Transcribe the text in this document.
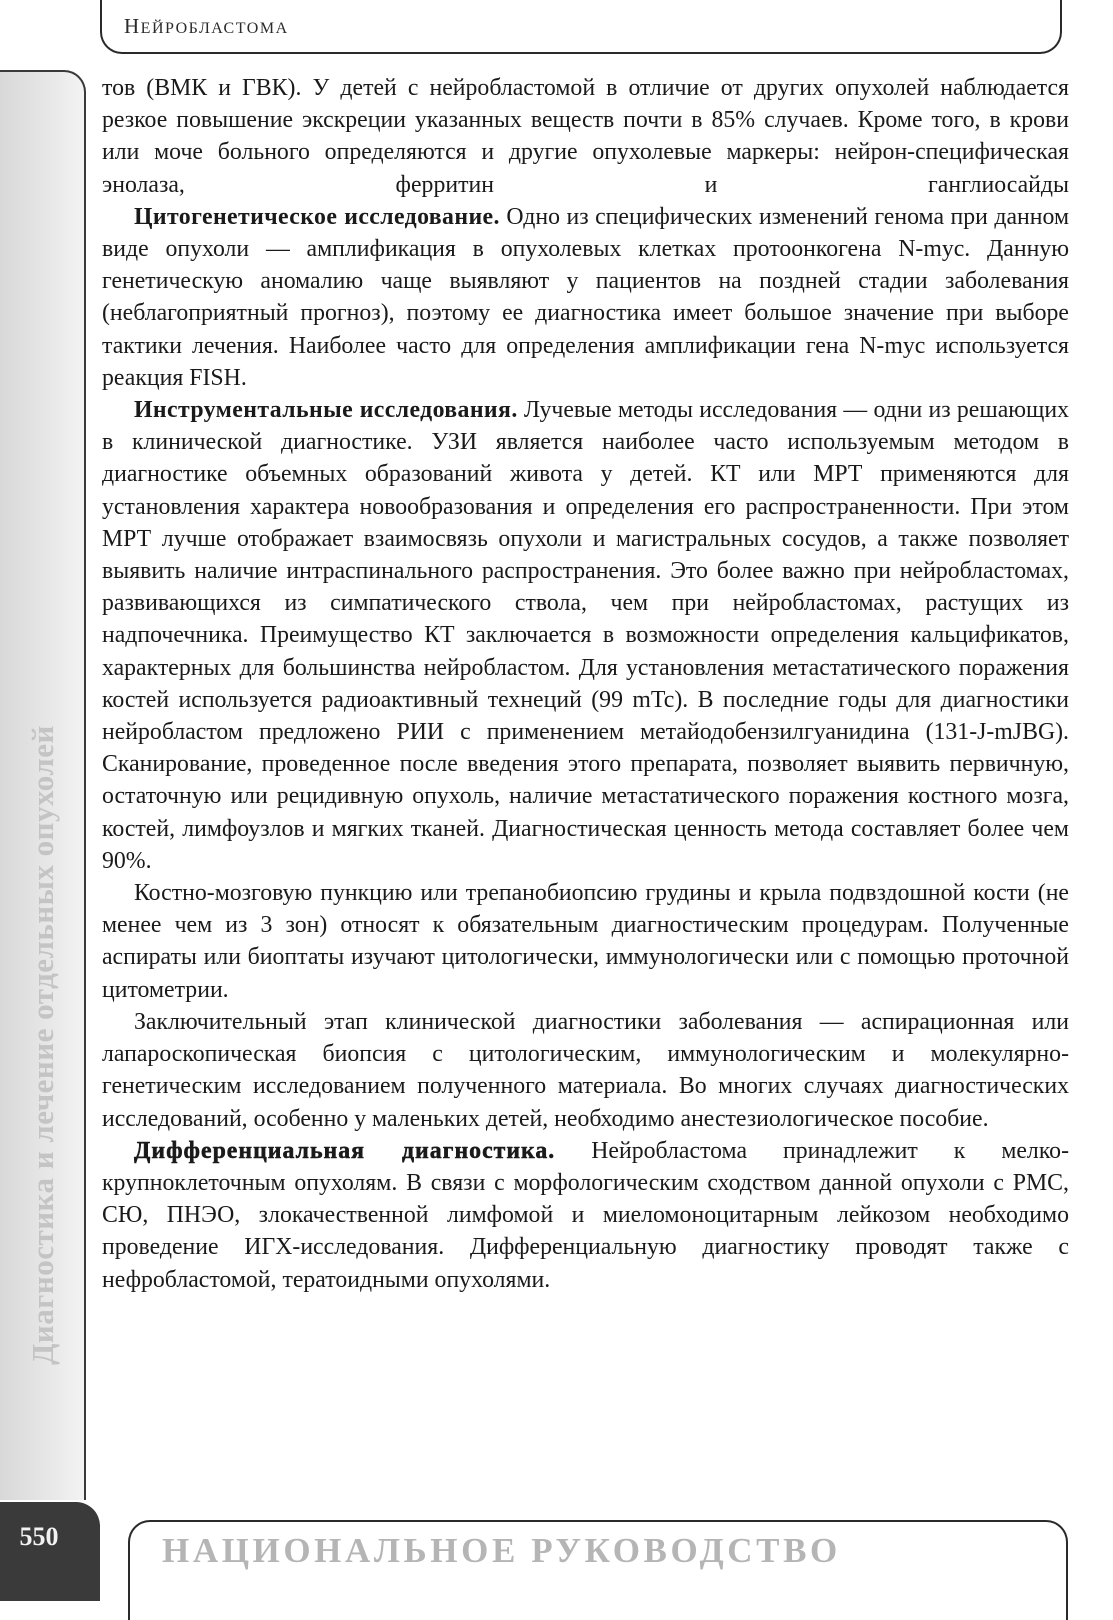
НЕЙРОБЛАСТОМА
Диагностика и лечение отдельных опухолей

тов (ВМК и ГВК). У детей с нейробластомой в отличие от других опухолей наблюдается резкое повышение экскреции указанных веществ почти в 85% случаев. Кроме того, в крови или моче больного определяются и другие опухолевые маркеры: нейрон-специфическая энолаза, ферритин и ганглиосайды

Цитогенетическое исследование. Одно из специфических изменений генома при данном виде опухоли — амплификация в опухолевых клетках протоонкогена N-myc. Данную генетическую аномалию чаще выявляют у пациентов на поздней стадии заболевания (неблагоприятный прогноз), поэтому ее диагностика имеет большое значение при выборе тактики лечения. Наиболее часто для определения амплификации гена N-myc используется реакция FISH.

Инструментальные исследования. Лучевые методы исследования — одни из решающих в клинической диагностике. УЗИ является наиболее часто используемым методом в диагностике объемных образований живота у детей. КТ или МРТ применяются для установления характера новообразования и определения его распространенности. При этом МРТ лучше отображает взаимосвязь опухоли и магистральных сосудов, а также позволяет выявить наличие интраспинального распространения. Это более важно при нейробластомах, развивающихся из симпатического ствола, чем при нейробластомах, растущих из надпочечника. Преимущество КТ заключается в возможности определения кальцификатов, характерных для большинства нейробластом. Для установления метастатического поражения костей используется радиоактивный технеций (99 mTc). В последние годы для диагностики нейробластом предложено РИИ с применением метайодобензилгуанидина (131-J-mJBG). Сканирование, проведенное после введения этого препарата, позволяет выявить первичную, остаточную или рецидивную опухоль, наличие метастатического поражения костного мозга, костей, лимфоузлов и мягких тканей. Диагностическая ценность метода составляет более чем 90%.

Костно-мозговую пункцию или трепанобиопсию грудины и крыла подвздошной кости (не менее чем из 3 зон) относят к обязательным диагностическим процедурам. Полученные аспираты или биоптаты изучают цитологически, иммунологически или с помощью проточной цитометрии.

Заключительный этап клинической диагностики заболевания — аспирационная или лапароскопическая биопсия с цитологическим, иммунологическим и молекулярно-генетическим исследованием полученного материала. Во многих случаях диагностических исследований, особенно у маленьких детей, необходимо анестезиологическое пособие.

Дифференциальная диагностика. Нейробластома принадлежит к мелко-крупноклеточным опухолям. В связи с морфологическим сходством данной опухоли с РМС, СЮ, ПНЭО, злокачественной лимфомой и миеломоноцитарным лейкозом необходимо проведение ИГХ-исследования. Дифференциальную диагностику проводят также с нефробластомой, тератоидными опухолями.

550	НАЦИОНАЛЬНОЕ РУКОВОДСТВО
